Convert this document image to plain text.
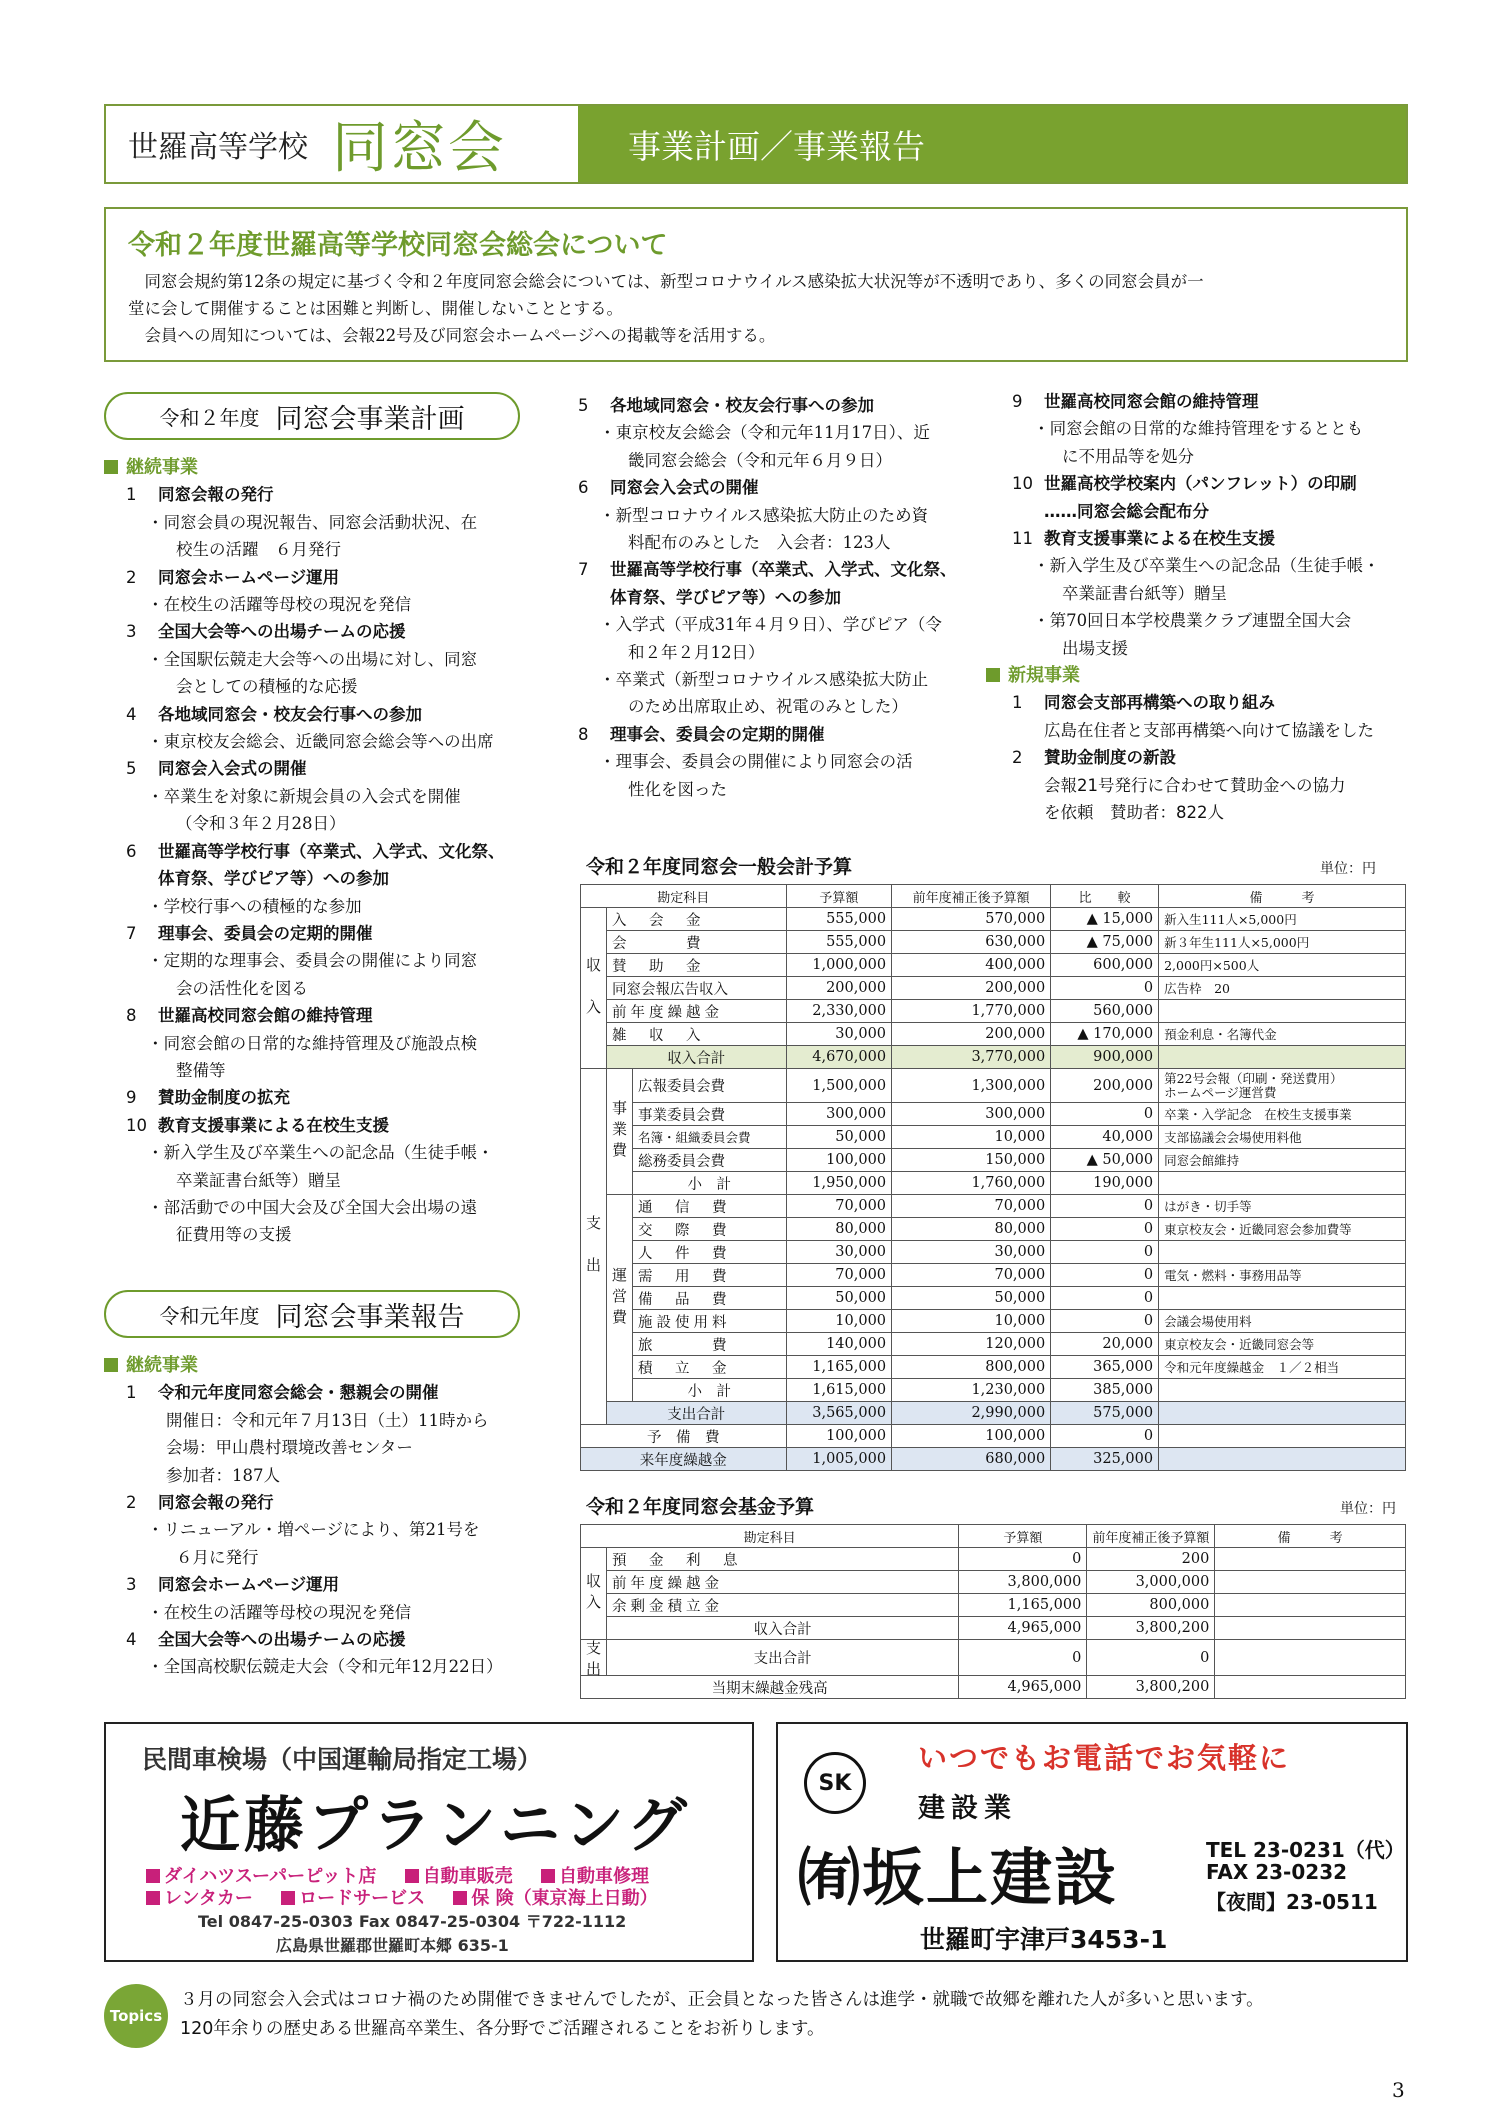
世羅高等学校 同窓会	事業計画／事業報告
令和２年度世羅高等学校同窓会総会について

同窓会規約第12条の規定に基づく令和２年度同窓会総会については、新型コロナウイルス感染拡大状況等が不透明であり、多くの同窓会員が一

堂に会して開催することは困難と判断し、開催しないこととする。

会員への周知については、会報22号及び同窓会ホームページへの掲載等を活用する。

令和２年度 同窓会事業計画
継続事業
1 同窓会報の発行
・同窓会員の現況報告、同窓会活動状況、在
校生の活躍　６月発行
2 同窓会ホームページ運用
・在校生の活躍等母校の現況を発信
3 全国大会等への出場チームの応援
・全国駅伝競走大会等への出場に対し、同窓
会としての積極的な応援
4 各地域同窓会・校友会行事への参加
・東京校友会総会、近畿同窓会総会等への出席
5 同窓会入会式の開催
・卒業生を対象に新規会員の入会式を開催
（令和３年２月28日）
6 世羅高等学校行事（卒業式、入学式、文化祭、
体育祭、学びピア等）への参加
・学校行事への積極的な参加
7 理事会、委員会の定期的開催
・定期的な理事会、委員会の開催により同窓
会の活性化を図る
8 世羅高校同窓会館の維持管理
・同窓会館の日常的な維持管理及び施設点検
整備等
9 賛助金制度の拡充
10 教育支援事業による在校生支援
・新入学生及び卒業生への記念品（生徒手帳・
卒業証書台紙等）贈呈
・部活動での中国大会及び全国大会出場の遠
征費用等の支援
令和元年度 同窓会事業報告
継続事業
1 令和元年度同窓会総会・懇親会の開催
開催日：令和元年７月13日（土）11時から
会場：甲山農村環境改善センター
参加者：187人
2 同窓会報の発行
・リニューアル・増ページにより、第21号を
６月に発行
3 同窓会ホームページ運用
・在校生の活躍等母校の現況を発信
4 全国大会等への出場チームの応援
・全国高校駅伝競走大会（令和元年12月22日）
5 各地域同窓会・校友会行事への参加
・東京校友会総会（令和元年11月17日）、近
畿同窓会総会（令和元年６月９日）
6 同窓会入会式の開催
・新型コロナウイルス感染拡大防止のため資
料配布のみとした　入会者：123人
7 世羅高等学校行事（卒業式、入学式、文化祭、
体育祭、学びピア等）への参加
・入学式（平成31年４月９日）、学びピア（令
和２年２月12日）
・卒業式（新型コロナウイルス感染拡大防止
のため出席取止め、祝電のみとした）
8 理事会、委員会の定期的開催
・理事会、委員会の開催により同窓会の活
性化を図った
9 世羅高校同窓会館の維持管理
・同窓会館の日常的な維持管理をするととも
に不用品等を処分
10 世羅高校学校案内（パンフレット）の印刷
……同窓会総会配布分
11 教育支援事業による在校生支援
・新入学生及び卒業生への記念品（生徒手帳・
卒業証書台紙等）贈呈
・第70回日本学校農業クラブ連盟全国大会
出場支援
新規事業
1 同窓会支部再構築への取り組み
広島在住者と支部再構築へ向けて協議をした
2 賛助金制度の新設
会報21号発行に合わせて賛助金への協力
を依頼　賛助者：822人
令和２年度同窓会一般会計予算	単位：円
勘定科目			予算額	前年度補正後予算額	比　　較	備　　　考
収　入	入　会　金		555,000	570,000	▲ 15,000	新入生111人×5,000円
	会　　　費		555,000	630,000	▲ 75,000	新３年生111人×5,000円
	賛　助　金		1,000,000	400,000	600,000	2,000円×500人
	同窓会報広告収入		200,000	200,000	0	広告枠　20
	前年度繰越金		2,330,000	1,770,000	560,000	
	雑　収　入		30,000	200,000	▲ 170,000	預金利息・名簿代金
	収入合計		4,670,000	3,770,000	900,000	
支　出	事業費	広報委員会費	1,500,000	1,300,000	200,000	第22号会報（印刷・発送費用）
ホームページ運営費

		事業委員会費	300,000	300,000	0	卒業・入学記念　在校生支援事業
		名簿・組織委員会費	50,000	10,000	40,000	支部協議会会場使用料他
		総務委員会費	100,000	150,000	▲ 50,000	同窓会館維持
		小　計	1,950,000	1,760,000	190,000	
	運営費	通　信　費	70,000	70,000	0	はがき・切手等
		交　際　費	80,000	80,000	0	東京校友会・近畿同窓会参加費等
		人　件　費	30,000	30,000	0	
		需　用　費	70,000	70,000	0	電気・燃料・事務用品等
		備　品　費	50,000	50,000	0	
		施設使用料	10,000	10,000	0	会議会場使用料
		旅　　　費	140,000	120,000	20,000	東京校友会・近畿同窓会等
		積　立　金	1,165,000	800,000	365,000	令和元年度繰越金　１／２相当
		小　計	1,615,000	1,230,000	385,000	
	支出合計		3,565,000	2,990,000	575,000	
予　備　費			100,000	100,000	0	
来年度繰越金			1,005,000	680,000	325,000	
令和２年度同窓会基金予算	単位：円
勘定科目		予算額	前年度補正後予算額	備　　　考
収入	預　金　利　息	0	200	
	前年度繰越金	3,800,000	3,000,000	
	余剰金積立金	1,165,000	800,000	
	収入合計	4,965,000	3,800,200	
支出	支出合計	0	0	
当期末繰越金残高		4,965,000	3,800,200	
民間車検場（中国運輸局指定工場）
近藤プランニング
ダイハツスーパーピット店	自動車販売	自動車修理
レンタカー	ロードサービス	保 険（東京海上日動）
Tel 0847-25-0303 Fax 0847-25-0304 〒722-1112
広島県世羅郡世羅町本郷 635-1
SK
いつでもお電話でお気軽に
建設業
㈲坂上建設	TEL 23-0231（代）
FAX 23-0232
【夜間】23-0511
世羅町宇津戸3453-1
Topics
３月の同窓会入会式はコロナ禍のため開催できませんでしたが、正会員となった皆さんは進学・就職で故郷を離れた人が多いと思います。
120年余りの歴史ある世羅高卒業生、各分野でご活躍されることをお祈りします。
3
